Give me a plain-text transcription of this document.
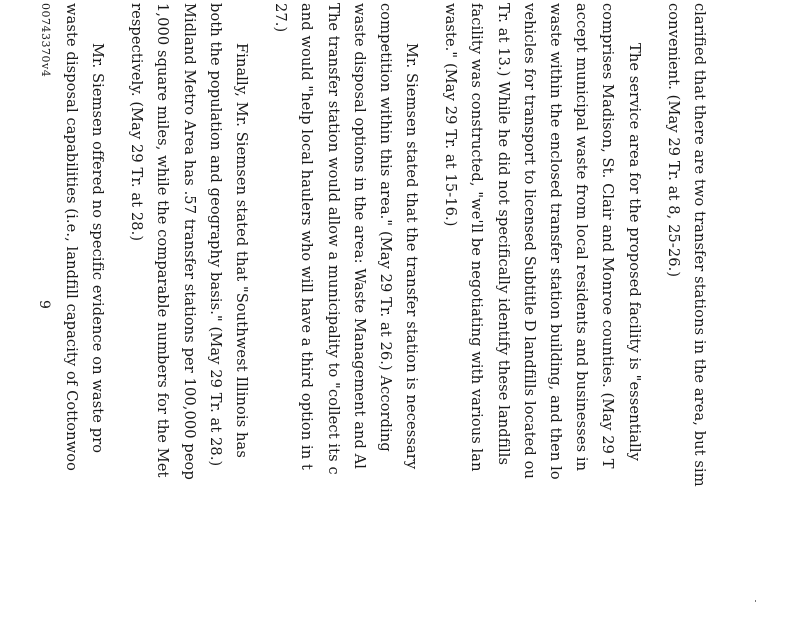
clarified that there are two transfer stations in the area, but sim
convenient. (May 29 Tr. at 8, 25-26.)
The service area for the proposed facility is "essentially
comprises Madison, St. Clair and Monroe counties. (May 29 T
accept municipal waste from local residents and businesses in
waste within the enclosed transfer station building, and then lo
vehicles for transport to licensed Subtitle D landfills located ou
Tr. at 13.) While he did not specifically identify these landfills
facility was constructed, "we'll be negotiating with various lan
waste." (May 29 Tr. at 15-16.)
Mr. Siemsen stated that the transfer station is necessary
competition within this area." (May 29 Tr. at 26.) According
waste disposal options in the area: Waste Management and Al
The transfer station would allow a municipality to "collect its c
and would "help local haulers who will have a third option in t
27.)
Finally, Mr. Siemsen stated that "Southwest Illinois has
both the population and geography basis." (May 29 Tr. at 28.)
Midland Metro Area has .57 transfer stations per 100,000 peop
1,000 square miles, while the comparable numbers for the Met
respectively. (May 29 Tr. at 28.)
Mr. Siemsen offered no specific evidence on waste pro
waste disposal capabilities (i.e., landfill capacity of Cottonwoo
9
00743370v4
